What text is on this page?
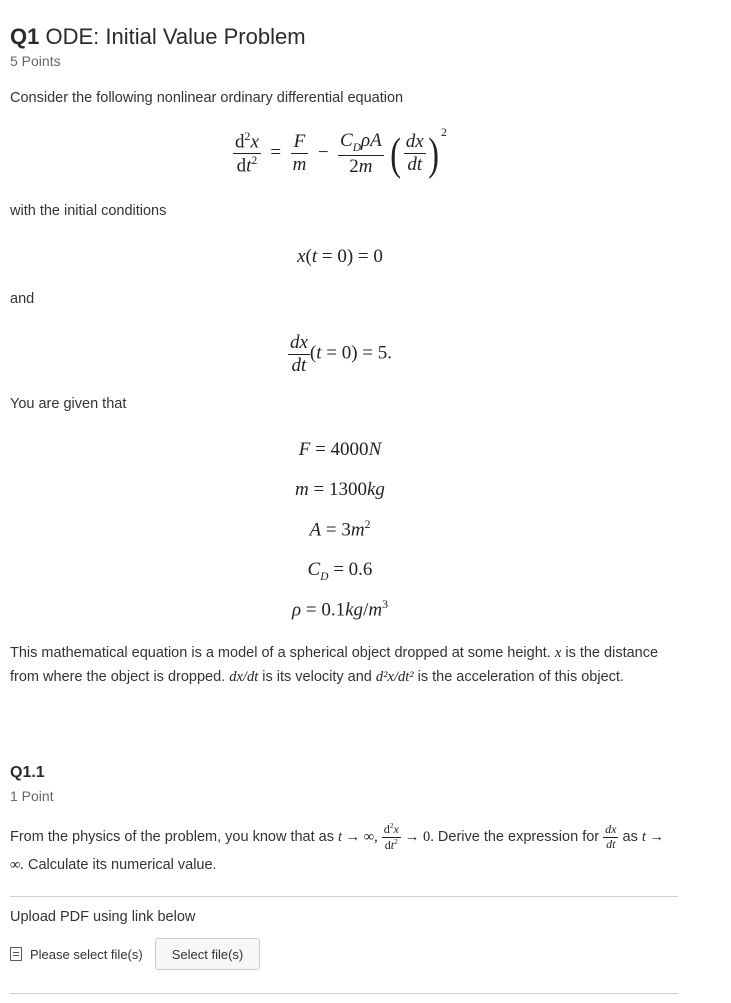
Q1 ODE: Initial Value Problem
5 Points
Consider the following nonlinear ordinary differential equation
$\frac{d^2x}{dt^2} = \frac{F}{m} - \frac{C_D\rho A}{2m}$ ( $\frac{dx}{dt}$ ) $^2$
with the initial conditions
x(t = 0) = 0
and
$\frac{dx}{dt} (t = 0) = 5$.
You are given that
F = 4000N
m = 1300kg
$A = 3m^2$
$C_D = 0.6$
$\rho = 0.1kg/m^3$
This mathematical equation is a model of a spherical object dropped at some height. x is the distance from where the object is dropped. dx/dt is its velocity and d²x/dt² is the acceleration of this object.
Q1.1
1 Point
From the physics of the problem, you know that as t → ∞, $\frac{d^2x}{dt^2} \to 0$. Derive the expression for $\frac{dx}{dt}$ as t → ∞. Calculate its numerical value.
Upload PDF using link below
Please select file(s)	Select file(s)
